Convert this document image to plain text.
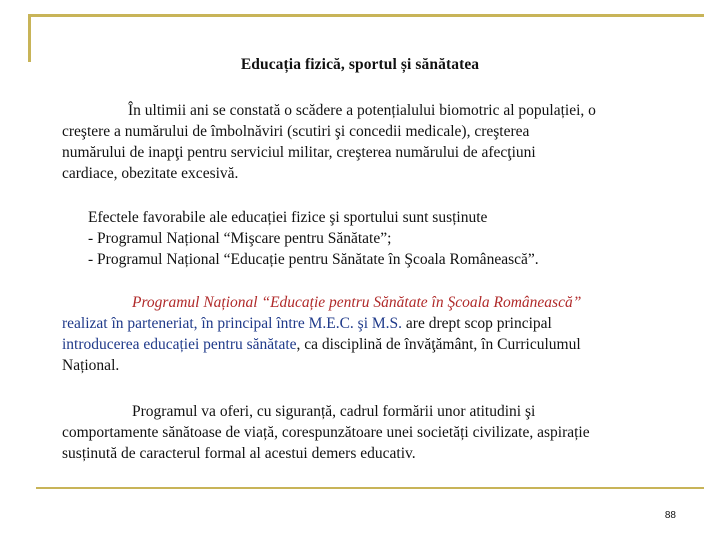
Educația fizică, sportul și sănătatea

În ultimii ani se constată o scădere a potențialului biomotric al populației, o
creştere a numărului de îmbolnăviri (scutiri şi concedii medicale), creşterea
numărului de inapţi pentru serviciul militar, creşterea numărului de afecţiuni
cardiace, obezitate excesivă.

Efectele favorabile ale educației fizice şi sportului sunt susținute
- Programul Național “Mişcare pentru Sănătate”;
- Programul Național “Educație pentru Sănătate în Şcoala Românească”.

Programul Național “Educație pentru Sănătate în Şcoala Românească”
realizat în parteneriat, în principal între M.E.C. şi M.S. are drept scop principal
introducerea educației pentru sănătate, ca disciplină de învăţământ, în Curriculumul
Național.

Programul va oferi, cu siguranță, cadrul formării unor atitudini şi
comportamente sănătoase de viață, corespunzătoare unei societăți civilizate, aspirație
susținută de caracterul formal al acestui demers educativ.

88
